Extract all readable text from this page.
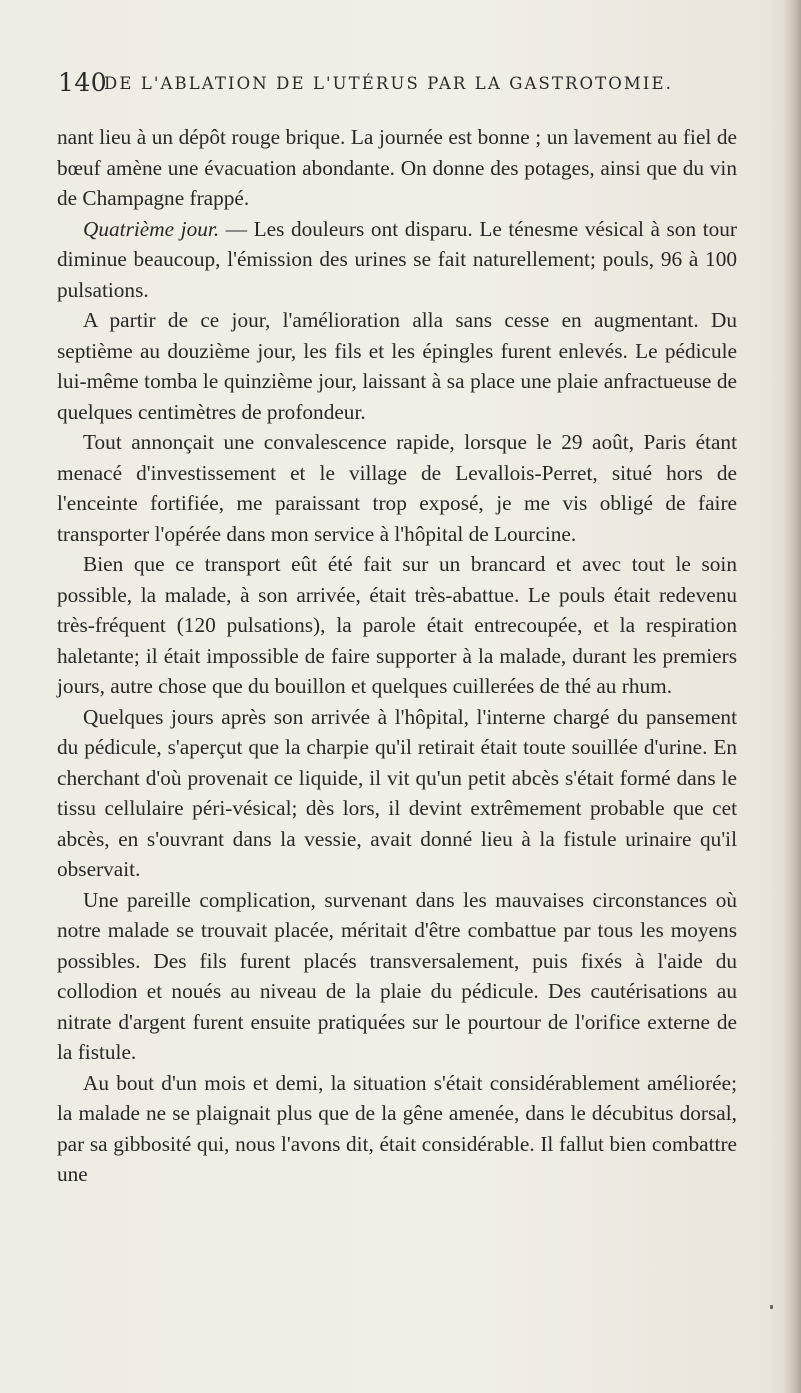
140
DE L'ABLATION DE L'UTÉRUS PAR LA GASTROTOMIE.

nant lieu à un dépôt rouge brique. La journée est bonne ; un lavement au fiel de bœuf amène une évacuation abondante. On donne des potages, ainsi que du vin de Champagne frappé.

Quatrième jour. — Les douleurs ont disparu. Le ténesme vésical à son tour diminue beaucoup, l'émission des urines se fait naturellement; pouls, 96 à 100 pulsations.

A partir de ce jour, l'amélioration alla sans cesse en augmentant. Du septième au douzième jour, les fils et les épingles furent enlevés. Le pédicule lui-même tomba le quinzième jour, laissant à sa place une plaie anfractueuse de quelques centimètres de profondeur.

Tout annonçait une convalescence rapide, lorsque le 29 août, Paris étant menacé d'investissement et le village de Levallois-Perret, situé hors de l'enceinte fortifiée, me paraissant trop exposé, je me vis obligé de faire transporter l'opérée dans mon service à l'hôpital de Lourcine.

Bien que ce transport eût été fait sur un brancard et avec tout le soin possible, la malade, à son arrivée, était très-abattue. Le pouls était redevenu très-fréquent (120 pulsations), la parole était entrecoupée, et la respiration haletante; il était impossible de faire supporter à la malade, durant les premiers jours, autre chose que du bouillon et quelques cuillerées de thé au rhum.

Quelques jours après son arrivée à l'hôpital, l'interne chargé du pansement du pédicule, s'aperçut que la charpie qu'il retirait était toute souillée d'urine. En cherchant d'où provenait ce liquide, il vit qu'un petit abcès s'était formé dans le tissu cellulaire péri-vésical; dès lors, il devint extrêmement probable que cet abcès, en s'ouvrant dans la vessie, avait donné lieu à la fistule urinaire qu'il observait.

Une pareille complication, survenant dans les mauvaises circonstances où notre malade se trouvait placée, méritait d'être combattue par tous les moyens possibles. Des fils furent placés transversalement, puis fixés à l'aide du collodion et noués au niveau de la plaie du pédicule. Des cautérisations au nitrate d'argent furent ensuite pratiquées sur le pourtour de l'orifice externe de la fistule.

Au bout d'un mois et demi, la situation s'était considérablement améliorée; la malade ne se plaignait plus que de la gêne amenée, dans le décubitus dorsal, par sa gibbosité qui, nous l'avons dit, était considérable. Il fallut bien combattre une
